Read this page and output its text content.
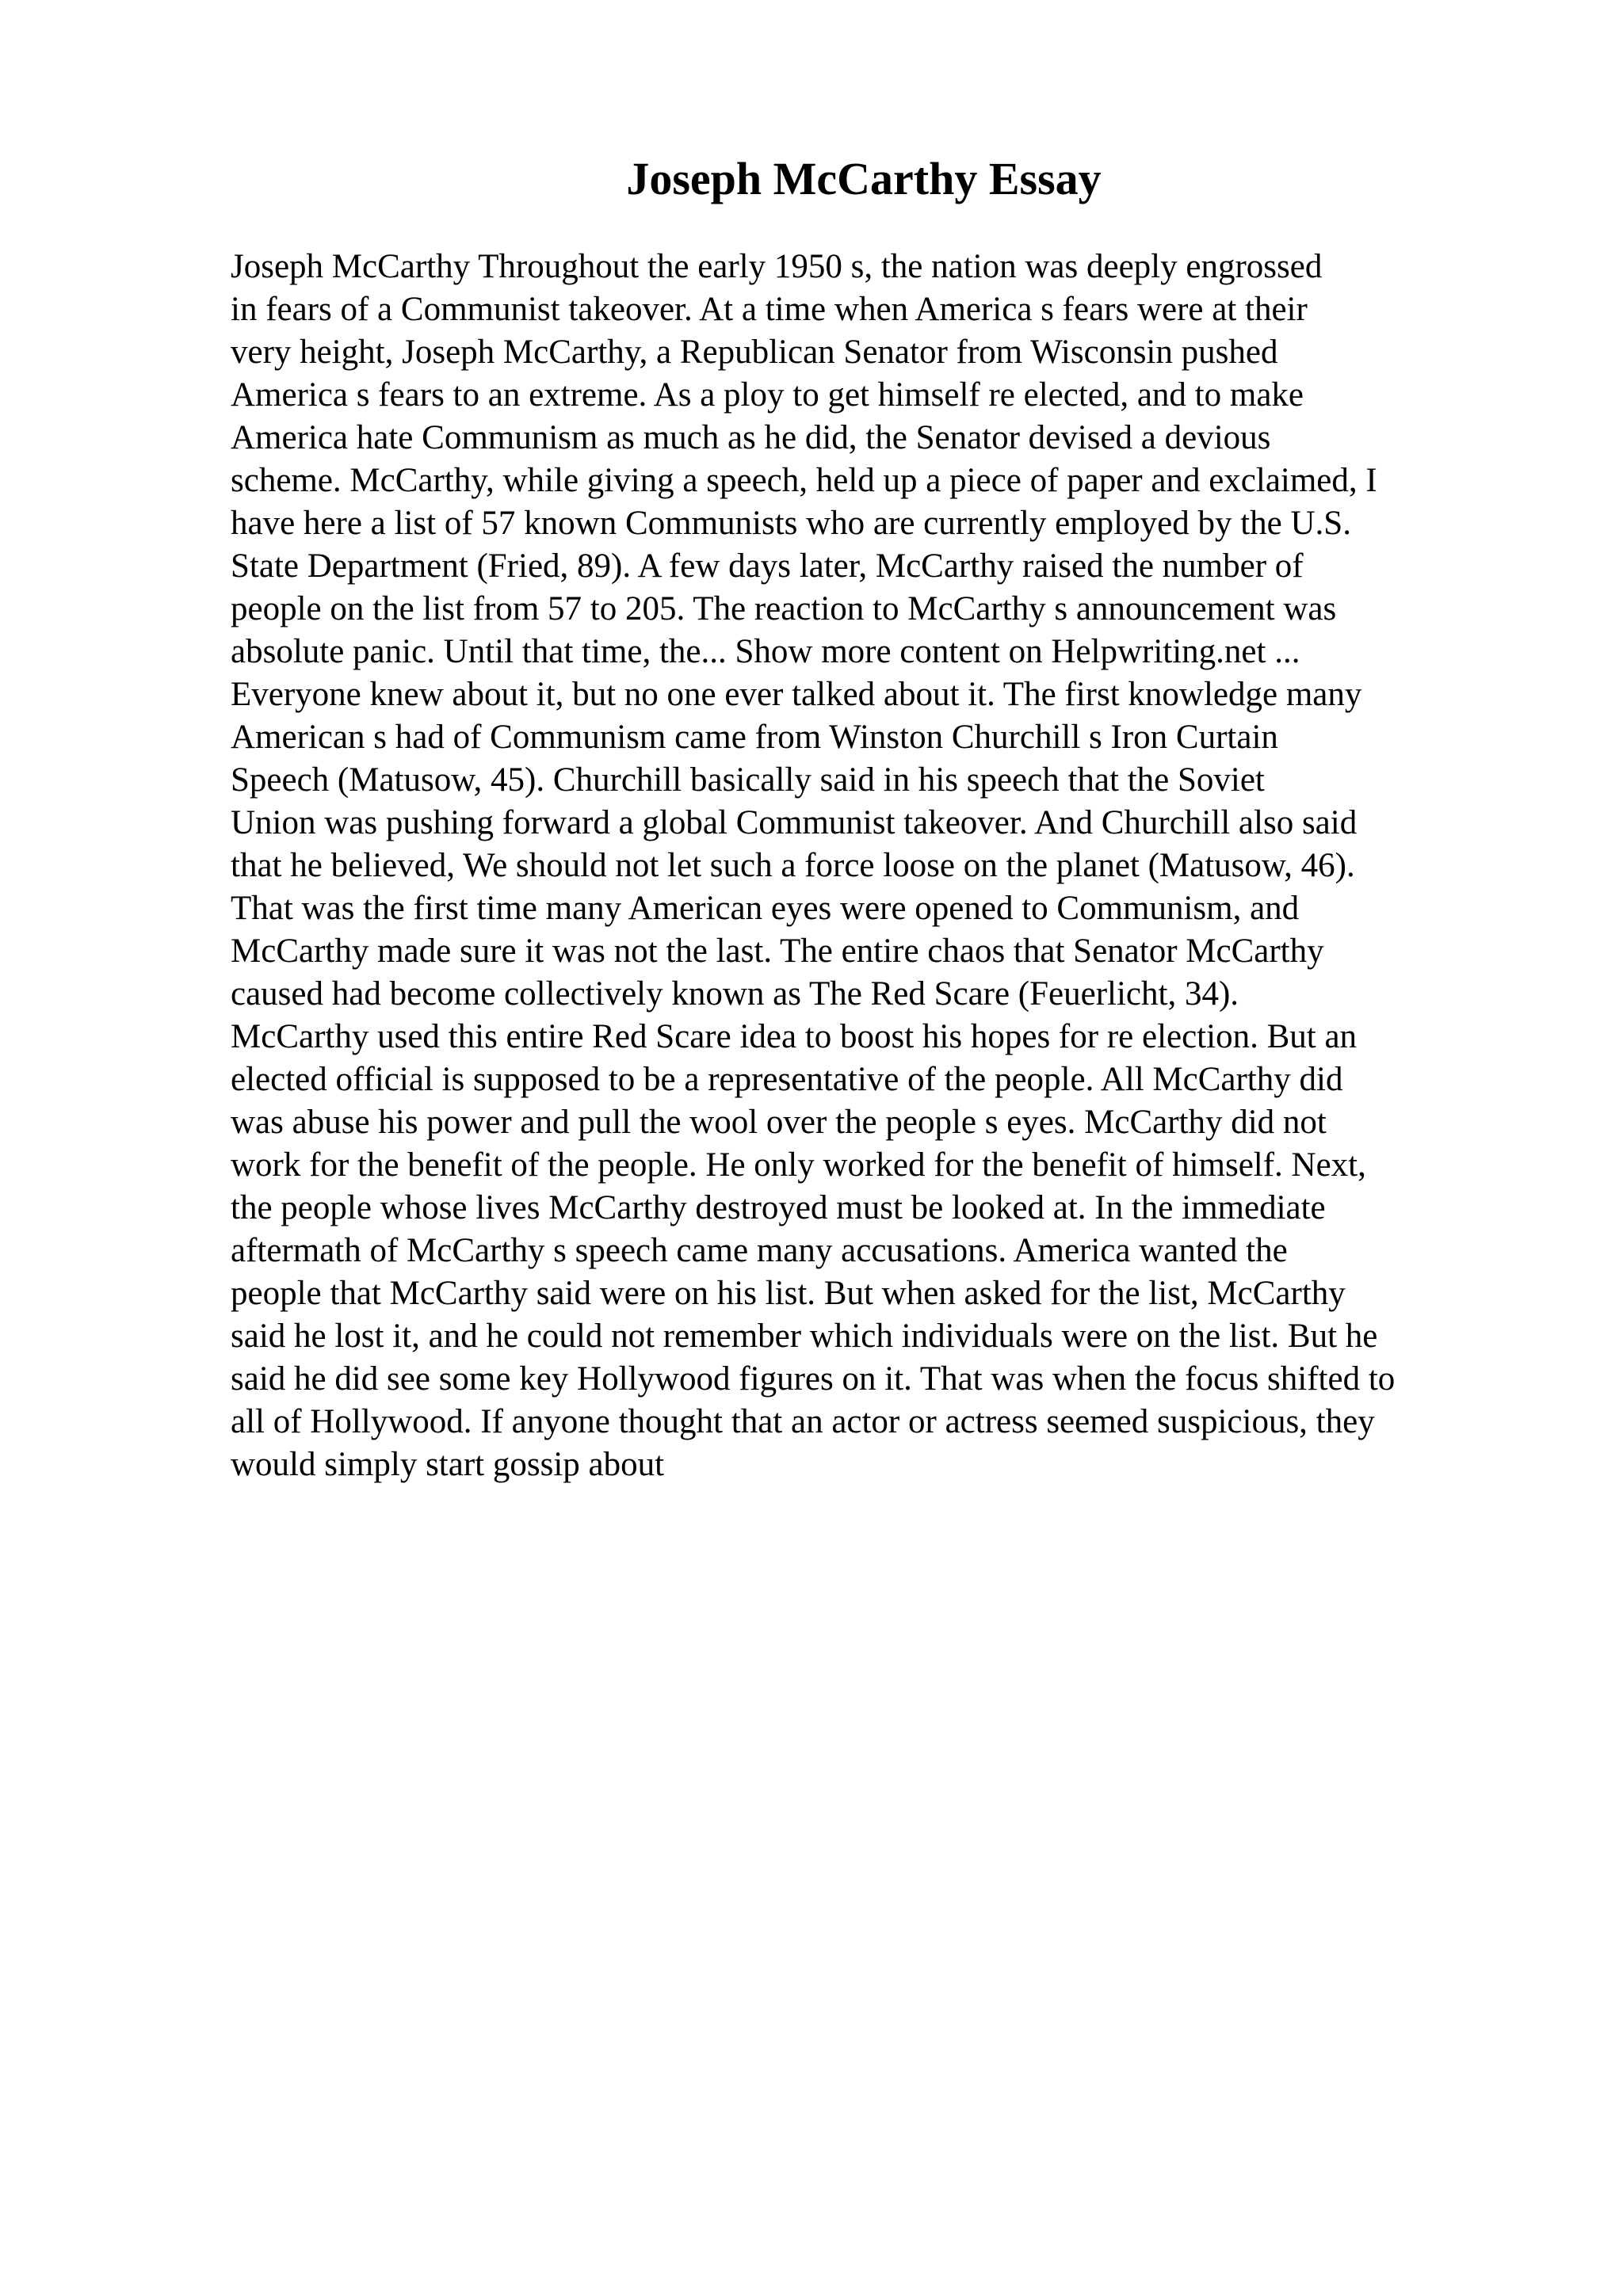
Joseph McCarthy Essay
Joseph McCarthy Throughout the early 1950 s, the nation was deeply engrossed
in fears of a Communist takeover. At a time when America s fears were at their
very height, Joseph McCarthy, a Republican Senator from Wisconsin pushed
America s fears to an extreme. As a ploy to get himself re elected, and to make
America hate Communism as much as he did, the Senator devised a devious
scheme. McCarthy, while giving a speech, held up a piece of paper and exclaimed, I
have here a list of 57 known Communists who are currently employed by the U.S.
State Department (Fried, 89). A few days later, McCarthy raised the number of
people on the list from 57 to 205. The reaction to McCarthy s announcement was
absolute panic. Until that time, the... Show more content on Helpwriting.net ...
Everyone knew about it, but no one ever talked about it. The first knowledge many
American s had of Communism came from Winston Churchill s Iron Curtain
Speech (Matusow, 45). Churchill basically said in his speech that the Soviet
Union was pushing forward a global Communist takeover. And Churchill also said
that he believed, We should not let such a force loose on the planet (Matusow, 46).
That was the first time many American eyes were opened to Communism, and
McCarthy made sure it was not the last. The entire chaos that Senator McCarthy
caused had become collectively known as The Red Scare (Feuerlicht, 34).
McCarthy used this entire Red Scare idea to boost his hopes for re election. But an
elected official is supposed to be a representative of the people. All McCarthy did
was abuse his power and pull the wool over the people s eyes. McCarthy did not
work for the benefit of the people. He only worked for the benefit of himself. Next,
the people whose lives McCarthy destroyed must be looked at. In the immediate
aftermath of McCarthy s speech came many accusations. America wanted the
people that McCarthy said were on his list. But when asked for the list, McCarthy
said he lost it, and he could not remember which individuals were on the list. But he
said he did see some key Hollywood figures on it. That was when the focus shifted to
all of Hollywood. If anyone thought that an actor or actress seemed suspicious, they
would simply start gossip about
